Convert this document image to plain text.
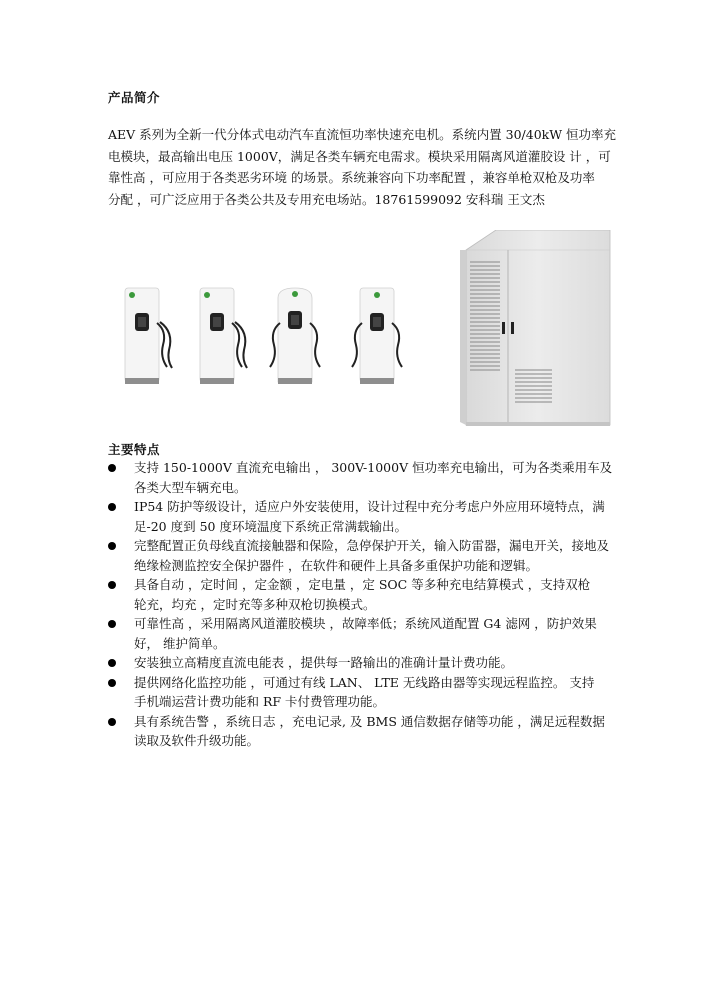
产品简介
AEV 系列为全新一代分体式电动汽车直流恒功率快速充电机。系统内置 30/40kW 恒功率充
电模块，最高输出电压 1000V，满足各类车辆充电需求。模块采用隔离风道灌胶设 计 ，可
靠性高 ，可应用于各类恶劣环境 的场景。系统兼容向下功率配置 ，兼容单枪双枪及功率
分配 ，可广泛应用于各类公共及专用充电场站。18761599092 安科瑞 王文杰
主要特点
支持 150-1000V 直流充电输出 ， 300V-1000V 恒功率充电输出，可为各类乘用车及
各类大型车辆充电。
IP54 防护等级设计，适应户外安装使用，设计过程中充分考虑户外应用环境特点，满
足-20 度到 50 度环境温度下系统正常满载输出。
完整配置正负母线直流接触器和保险，急停保护开关，输入防雷器，漏电开关，接地及
绝缘检测监控安全保护器件 ，在软件和硬件上具备多重保护功能和逻辑。
具备自动 ，定时间 ，定金额 ，定电量 ，定 SOC 等多种充电结算模式 ，支持双枪
轮充，均充 ，定时充等多种双枪切换模式。
可靠性高 ，采用隔离风道灌胶模块 ，故障率低；系统风道配置 G4 滤网 ，防护效果
好， 维护简单。
安装独立高精度直流电能表 ，提供每一路输出的准确计量计费功能。
提供网络化监控功能 ，可通过有线 LAN、 LTE 无线路由器等实现远程监控。 支持
手机端运营计费功能和 RF 卡付费管理功能。
具有系统告警 ，系统日志 ，充电记录, 及 BMS 通信数据存储等功能 ，满足远程数据
读取及软件升级功能。
